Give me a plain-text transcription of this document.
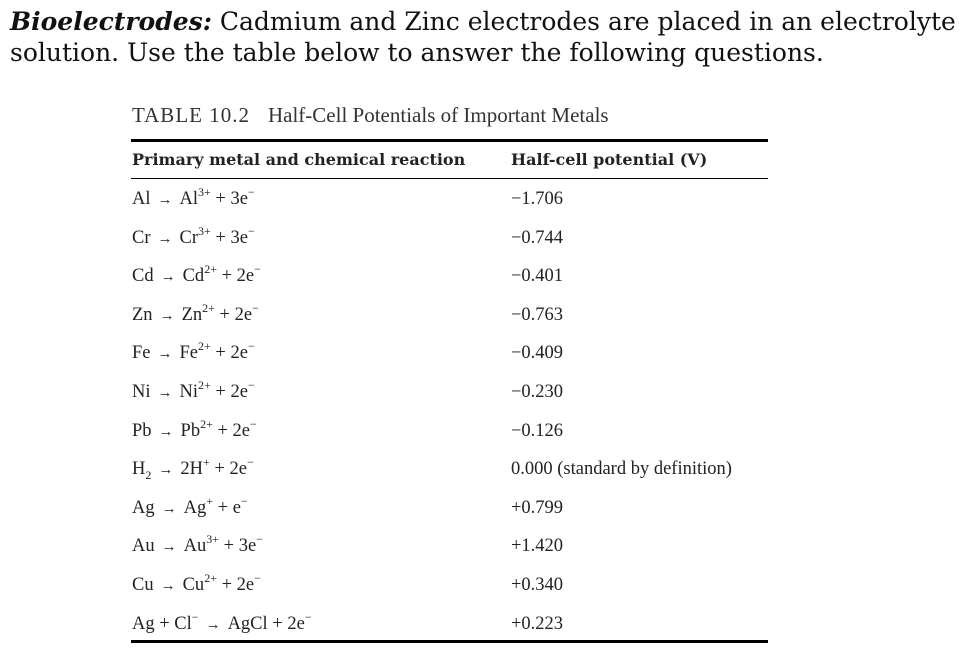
Bioelectrodes: Cadmium and Zinc electrodes are placed in an electrolyte solution. Use the table below to answer the following questions.
TABLE 10.2 Half-Cell Potentials of Important Metals
Primary metal and chemical reaction	Half-cell potential (V)
$Al \to Al^{3+} + 3e^-$	−1.706
$Cr \to Cr^{3+} + 3e^-$	−0.744
$Cd \to Cd^{2+} + 2e^-$	−0.401
$Zn \to Zn^{2+} + 2e^-$	−0.763
$Fe \to Fe^{2+} + 2e^-$	−0.409
$Ni \to Ni^{2+} + 2e^-$	−0.230
$Pb \to Pb^{2+} + 2e^-$	−0.126
$H_2 \to 2H^+ + 2e^-$	0.000 (standard by definition)
Ag → Ag+ + e−	+0.799
$Au \to Au^{3+} + 3e^-$	+1.420
$Cu \to Cu^{2+} + 2e^-$	+0.340
Ag + Cl− → AgCl + 2e−	+0.223
